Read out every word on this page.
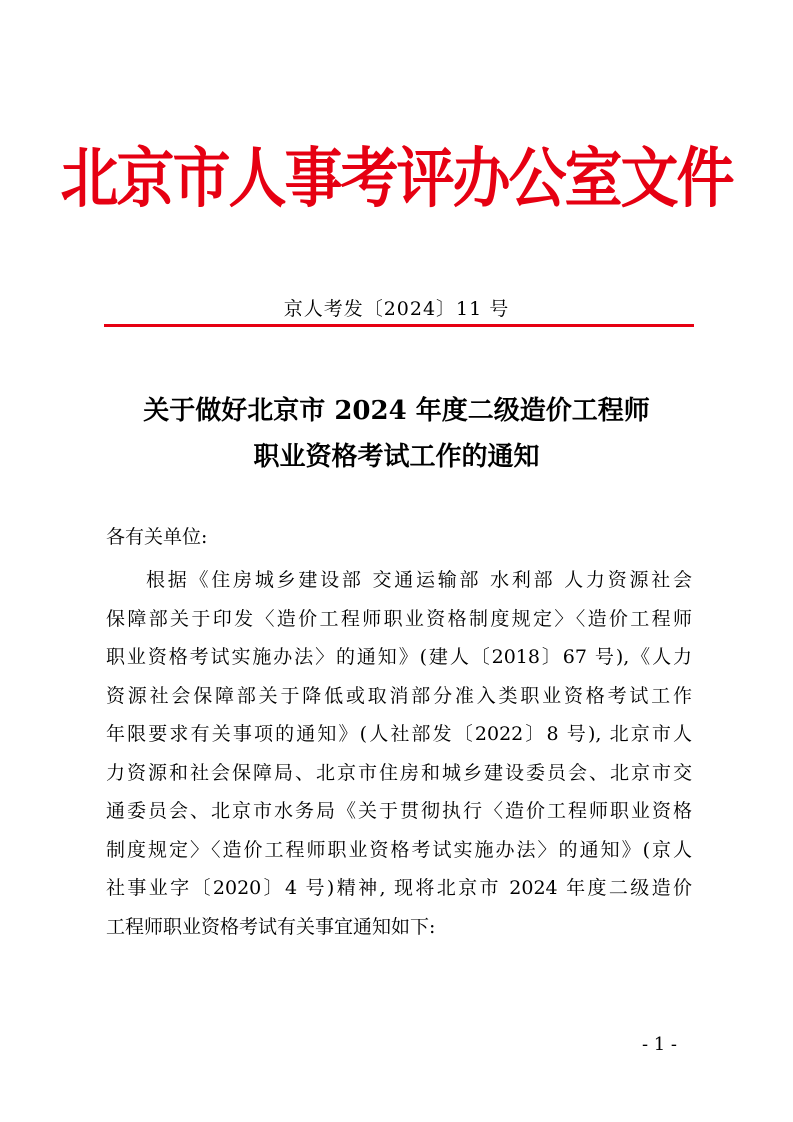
北京市人事考评办公室文件
京人考发〔2024〕11 号
关于做好北京市 2024 年度二级造价工程师
职业资格考试工作的通知
各有关单位:
根据《住房城乡建设部 交通运输部 水利部 人力资源社会
保障部关于印发〈造价工程师职业资格制度规定〉〈造价工程师
职业资格考试实施办法〉的通知》(建人〔2018〕67 号),《人力
资源社会保障部关于降低或取消部分准入类职业资格考试工作
年限要求有关事项的通知》(人社部发〔2022〕8 号), 北京市人
力资源和社会保障局、北京市住房和城乡建设委员会、北京市交
通委员会、北京市水务局《关于贯彻执行〈造价工程师职业资格
制度规定〉〈造价工程师职业资格考试实施办法〉的通知》(京人
社事业字〔2020〕4 号)精神, 现将北京市 2024 年度二级造价
工程师职业资格考试有关事宜通知如下:
- 1 -
